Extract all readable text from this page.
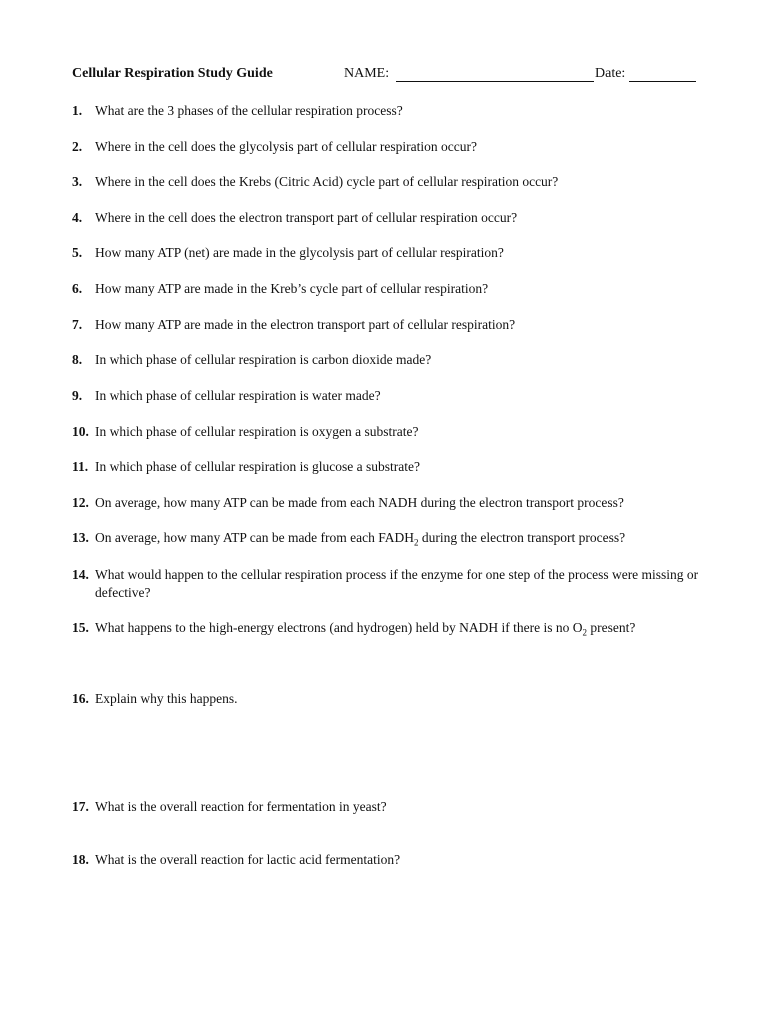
Cellular Respiration Study Guide	NAME:	Date:
1. What are the 3 phases of the cellular respiration process?
2. Where in the cell does the glycolysis part of cellular respiration occur?
3. Where in the cell does the Krebs (Citric Acid) cycle part of cellular respiration occur?
4. Where in the cell does the electron transport part of cellular respiration occur?
5. How many ATP (net) are made in the glycolysis part of cellular respiration?
6. How many ATP are made in the Kreb’s cycle part of cellular respiration?
7. How many ATP are made in the electron transport part of cellular respiration?
8. In which phase of cellular respiration is carbon dioxide made?
9. In which phase of cellular respiration is water made?
10. In which phase of cellular respiration is oxygen a substrate?
11. In which phase of cellular respiration is glucose a substrate?
12. On average, how many ATP can be made from each NADH during the electron transport process?
13. On average, how many ATP can be made from each $FADH_2$ during the electron transport process?
14. What would happen to the cellular respiration process if the enzyme for one step of the process were missing or defective?
15. What happens to the high-energy electrons (and hydrogen) held by NADH if there is no $O_2$ present?
16. Explain why this happens.
17. What is the overall reaction for fermentation in yeast?
18. What is the overall reaction for lactic acid fermentation?
